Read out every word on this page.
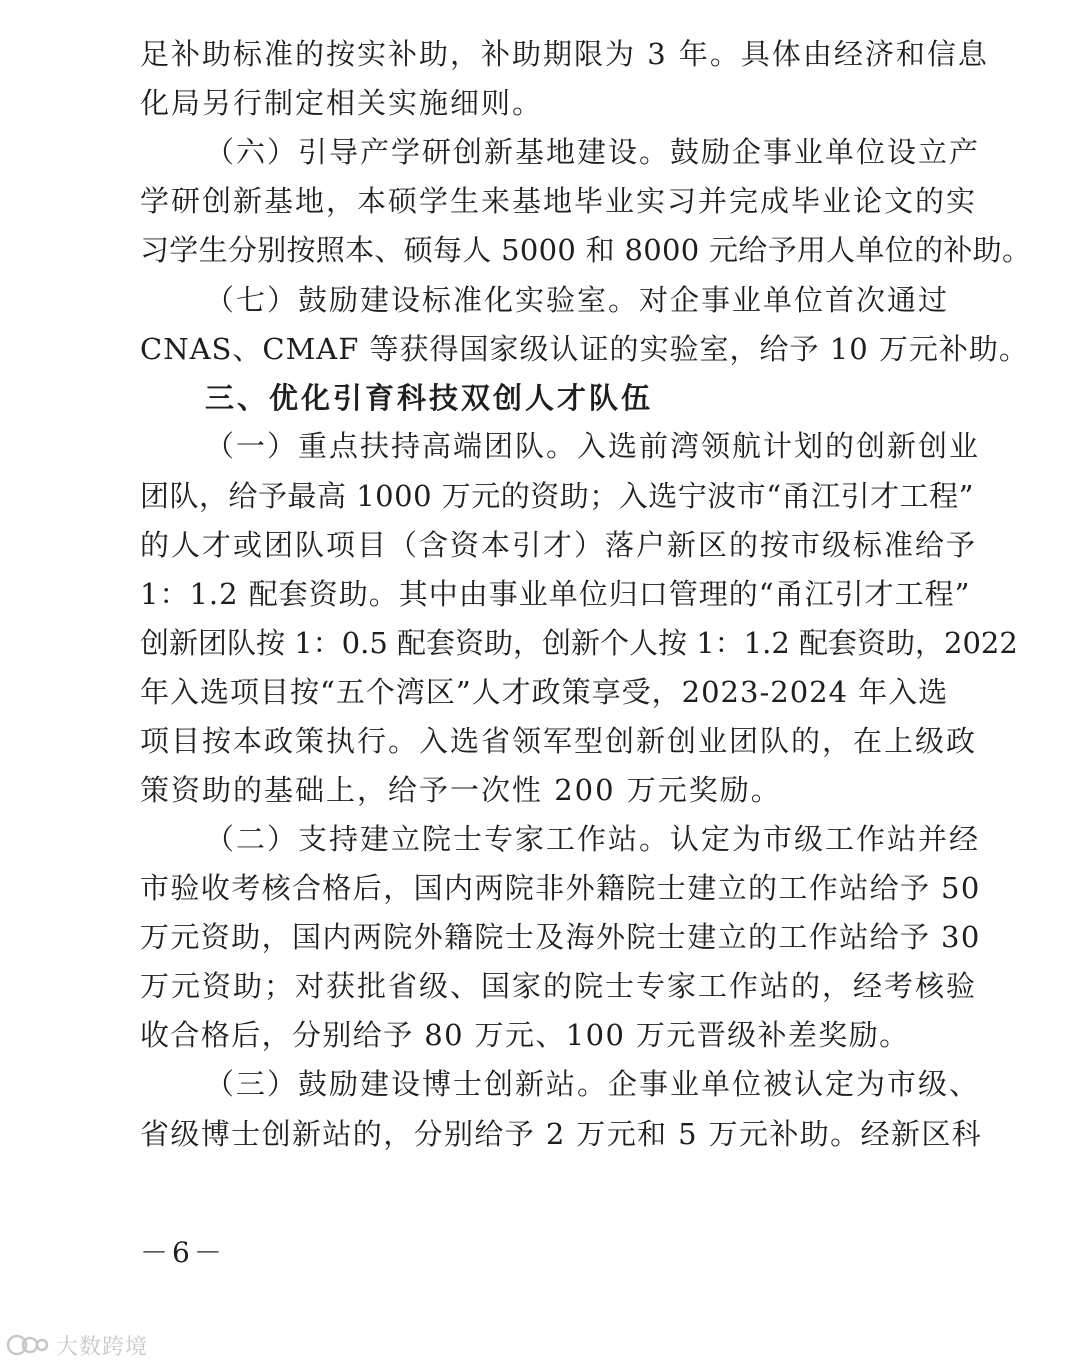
足补助标准的按实补助，补助期限为 3 年。具体由经济和信息
化局另行制定相关实施细则。
（六）引导产学研创新基地建设。鼓励企事业单位设立产
学研创新基地，本硕学生来基地毕业实习并完成毕业论文的实
习学生分别按照本、硕每人 5000 和 8000 元给予用人单位的补助。
（七）鼓励建设标准化实验室。对企事业单位首次通过
CNAS、CMAF 等获得国家级认证的实验室，给予 10 万元补助。
三、优化引育科技双创人才队伍
（一）重点扶持高端团队。入选前湾领航计划的创新创业
团队，给予最高 1000 万元的资助；入选宁波市“甬江引才工程”
的人才或团队项目（含资本引才）落户新区的按市级标准给予
1：1.2 配套资助。其中由事业单位归口管理的“甬江引才工程”
创新团队按 1：0.5 配套资助，创新个人按 1：1.2 配套资助，2022
年入选项目按“五个湾区”人才政策享受，2023-2024 年入选
项目按本政策执行。入选省领军型创新创业团队的，在上级政
策资助的基础上，给予一次性 200 万元奖励。
（二）支持建立院士专家工作站。认定为市级工作站并经
市验收考核合格后，国内两院非外籍院士建立的工作站给予 50
万元资助，国内两院外籍院士及海外院士建立的工作站给予 30
万元资助；对获批省级、国家的院士专家工作站的，经考核验
收合格后，分别给予 80 万元、100 万元晋级补差奖励。
（三）鼓励建设博士创新站。企事业单位被认定为市级、
省级博士创新站的，分别给予 2 万元和 5 万元补助。经新区科
－6－
大数跨境
